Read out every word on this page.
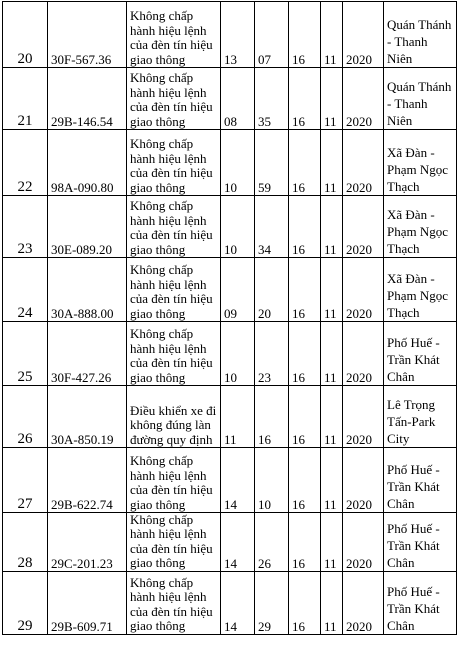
20	30F-567.36	Không chấp hành hiệu lệnh của đèn tín hiệu giao thông	13	07	16	11	2020	Quán Thánh - Thanh Niên
21	29B-146.54	Không chấp hành hiệu lệnh của đèn tín hiệu giao thông	08	35	16	11	2020	Quán Thánh - Thanh Niên
22	98A-090.80	Không chấp hành hiệu lệnh của đèn tín hiệu giao thông	10	59	16	11	2020	Xã Đàn - Phạm Ngọc Thạch
23	30E-089.20	Không chấp hành hiệu lệnh của đèn tín hiệu giao thông	10	34	16	11	2020	Xã Đàn - Phạm Ngọc Thạch
24	30A-888.00	Không chấp hành hiệu lệnh của đèn tín hiệu giao thông	09	20	16	11	2020	Xã Đàn - Phạm Ngọc Thạch
25	30F-427.26	Không chấp hành hiệu lệnh của đèn tín hiệu giao thông	10	23	16	11	2020	Phố Huế - Trần Khát Chân
26	30A-850.19	Điều khiển xe đi không đúng làn đường quy định	11	16	16	11	2020	Lê Trọng Tấn-Park City
27	29B-622.74	Không chấp hành hiệu lệnh của đèn tín hiệu giao thông	14	10	16	11	2020	Phố Huế - Trần Khát Chân
28	29C-201.23	Không chấp hành hiệu lệnh của đèn tín hiệu giao thông	14	26	16	11	2020	Phố Huế - Trần Khát Chân
29	29B-609.71	Không chấp hành hiệu lệnh của đèn tín hiệu giao thông	14	29	16	11	2020	Phố Huế - Trần Khát Chân
